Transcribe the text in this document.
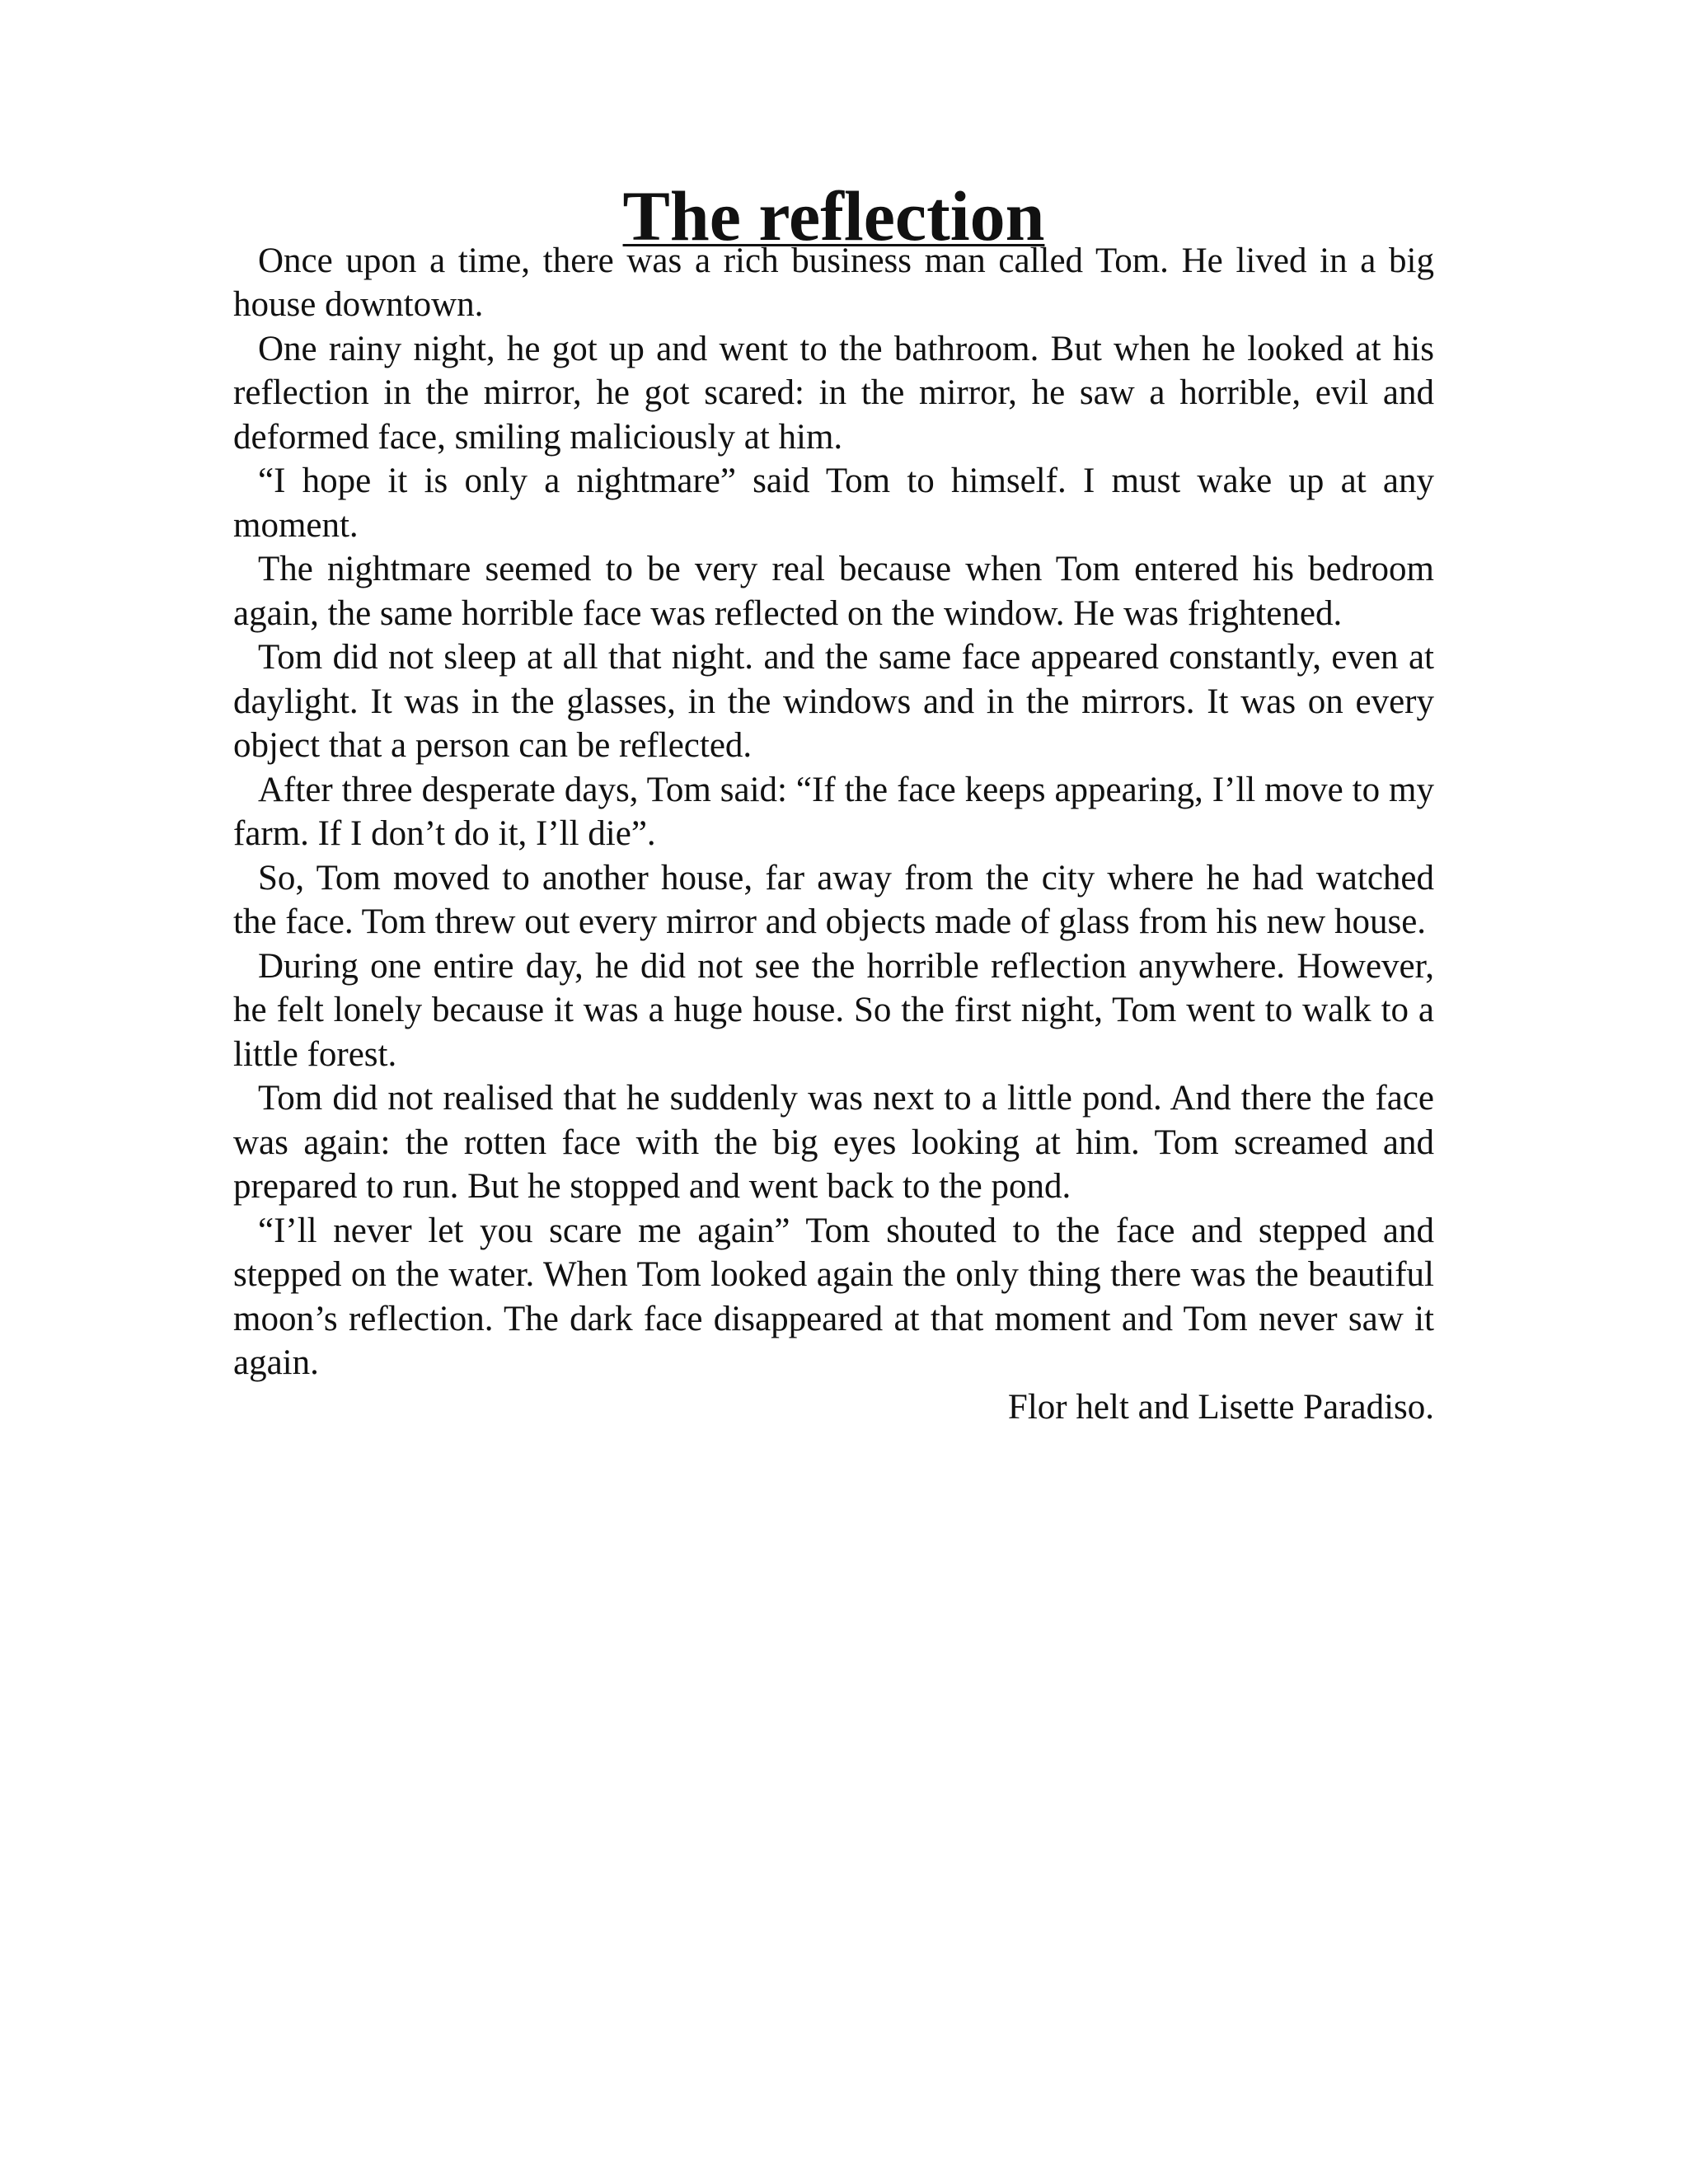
The reflection

Once upon a time, there was a rich business man called Tom. He lived in a big house downtown.

One rainy night, he got up and went to the bathroom. But when he looked at his reflection in the mirror, he got scared: in the mirror, he saw a horrible, evil and deformed face, smiling maliciously at him.

“I hope it is only a nightmare” said Tom to himself. I must wake up at any moment.

The nightmare seemed to be very real because when Tom entered his bedroom again, the same horrible face was reflected on the window. He was frightened.

Tom did not sleep at all that night. and the same face appeared constantly, even at daylight. It was in the glasses, in the windows and in the mirrors. It was on every object that a person can be reflected.

After three desperate days, Tom said: “If the face keeps appearing, I’ll move to my farm. If I don’t do it, I’ll die”.

So, Tom moved to another house, far away from the city where he had watched the face. Tom threw out every mirror and objects made of glass from his new house.

During one entire day, he did not see the horrible reflection anywhere. However, he felt lonely because it was a huge house. So the first night, Tom went to walk to a little forest.

Tom did not realised that he suddenly was next to a little pond. And there the face was again: the rotten face with the big eyes looking at him. Tom screamed and prepared to run. But he stopped and went back to the pond.

“I’ll never let you scare me again” Tom shouted to the face and stepped and stepped on the water. When Tom looked again the only thing there was the beautiful moon’s reflection. The dark face disappeared at that moment and Tom never saw it again.

Flor helt and Lisette Paradiso.
